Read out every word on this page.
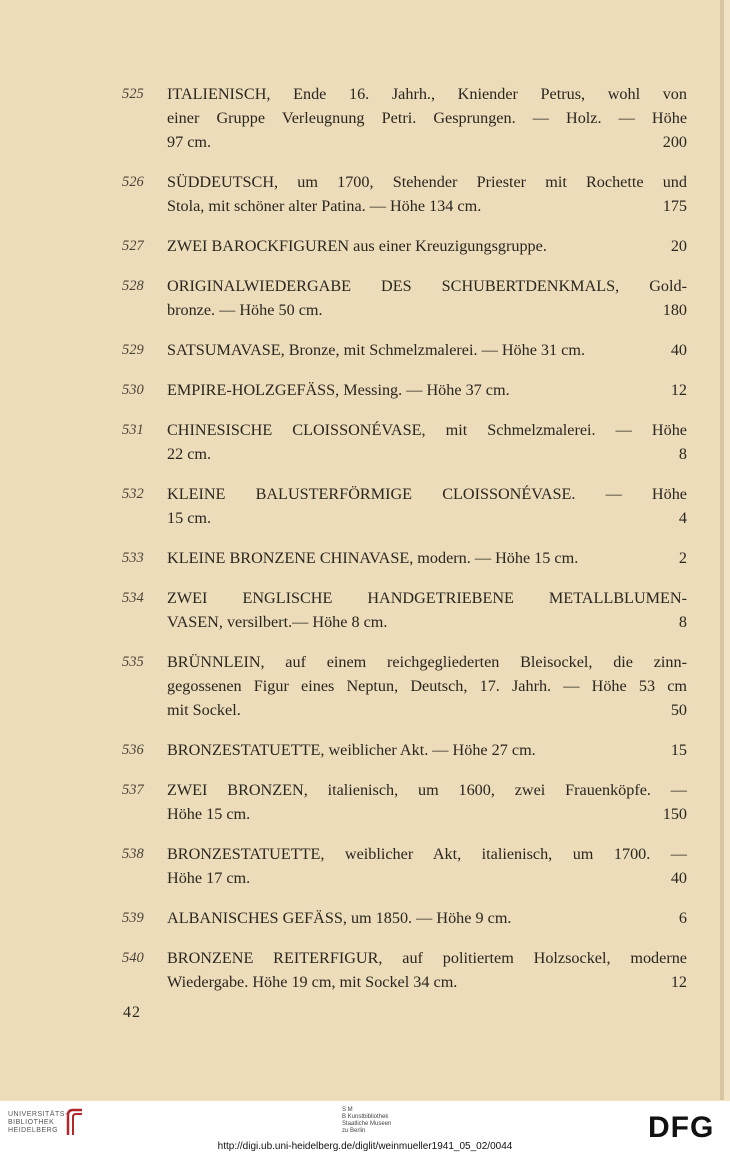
525 ITALIENISCH, Ende 16. Jahrh., Kniender Petrus, wohl von
einer Gruppe Verleugnung Petri. Gesprungen. — Holz. — Höhe
97 cm.	200
526 SÜDDEUTSCH, um 1700, Stehender Priester mit Rochette und
Stola, mit schöner alter Patina. — Höhe 134 cm.	175
527 ZWEI BAROCKFIGUREN aus einer Kreuzigungsgruppe.	20
528 ORIGINALWIEDERGABE DES SCHUBERTDENKMALS, Gold-
bronze. — Höhe 50 cm.	180
529 SATSUMAVASE, Bronze, mit Schmelzmalerei. — Höhe 31 cm.	40
530 EMPIRE-HOLZGEFÄSS, Messing. — Höhe 37 cm.	12
531 CHINESISCHE CLOISSONÉVASE, mit Schmelzmalerei. — Höhe
22 cm.	8
532 KLEINE BALUSTERFÖRMIGE CLOISSONÉVASE. — Höhe
15 cm.	4
533 KLEINE BRONZENE CHINAVASE, modern. — Höhe 15 cm.	2
534 ZWEI ENGLISCHE HANDGETRIEBENE METALLBLUMEN-
VASEN, versilbert.— Höhe 8 cm.	8
535 BRÜNNLEIN, auf einem reichgegliederten Bleisockel, die zinn-
gegossenen Figur eines Neptun, Deutsch, 17. Jahrh. — Höhe 53 cm
mit Sockel.	50
536 BRONZESTATUETTE, weiblicher Akt. — Höhe 27 cm.	15
537 ZWEI BRONZEN, italienisch, um 1600, zwei Frauenköpfe. —
Höhe 15 cm.	150
538 BRONZESTATUETTE, weiblicher Akt, italienisch, um 1700. —
Höhe 17 cm.	40
539 ALBANISCHES GEFÄSS, um 1850. — Höhe 9 cm.	6
540 BRONZENE REITERFIGUR, auf politiertem Holzsockel, moderne
Wiedergabe. Höhe 19 cm, mit Sockel 34 cm.	12
42
UNIVERSITÄTS-
BIBLIOTHEK
HEIDELBERG
S M
B Kunstbibliothek
Staatliche Museen
zu Berlin	DFG
http://digi.ub.uni-heidelberg.de/diglit/weinmueller1941_05_02/0044
